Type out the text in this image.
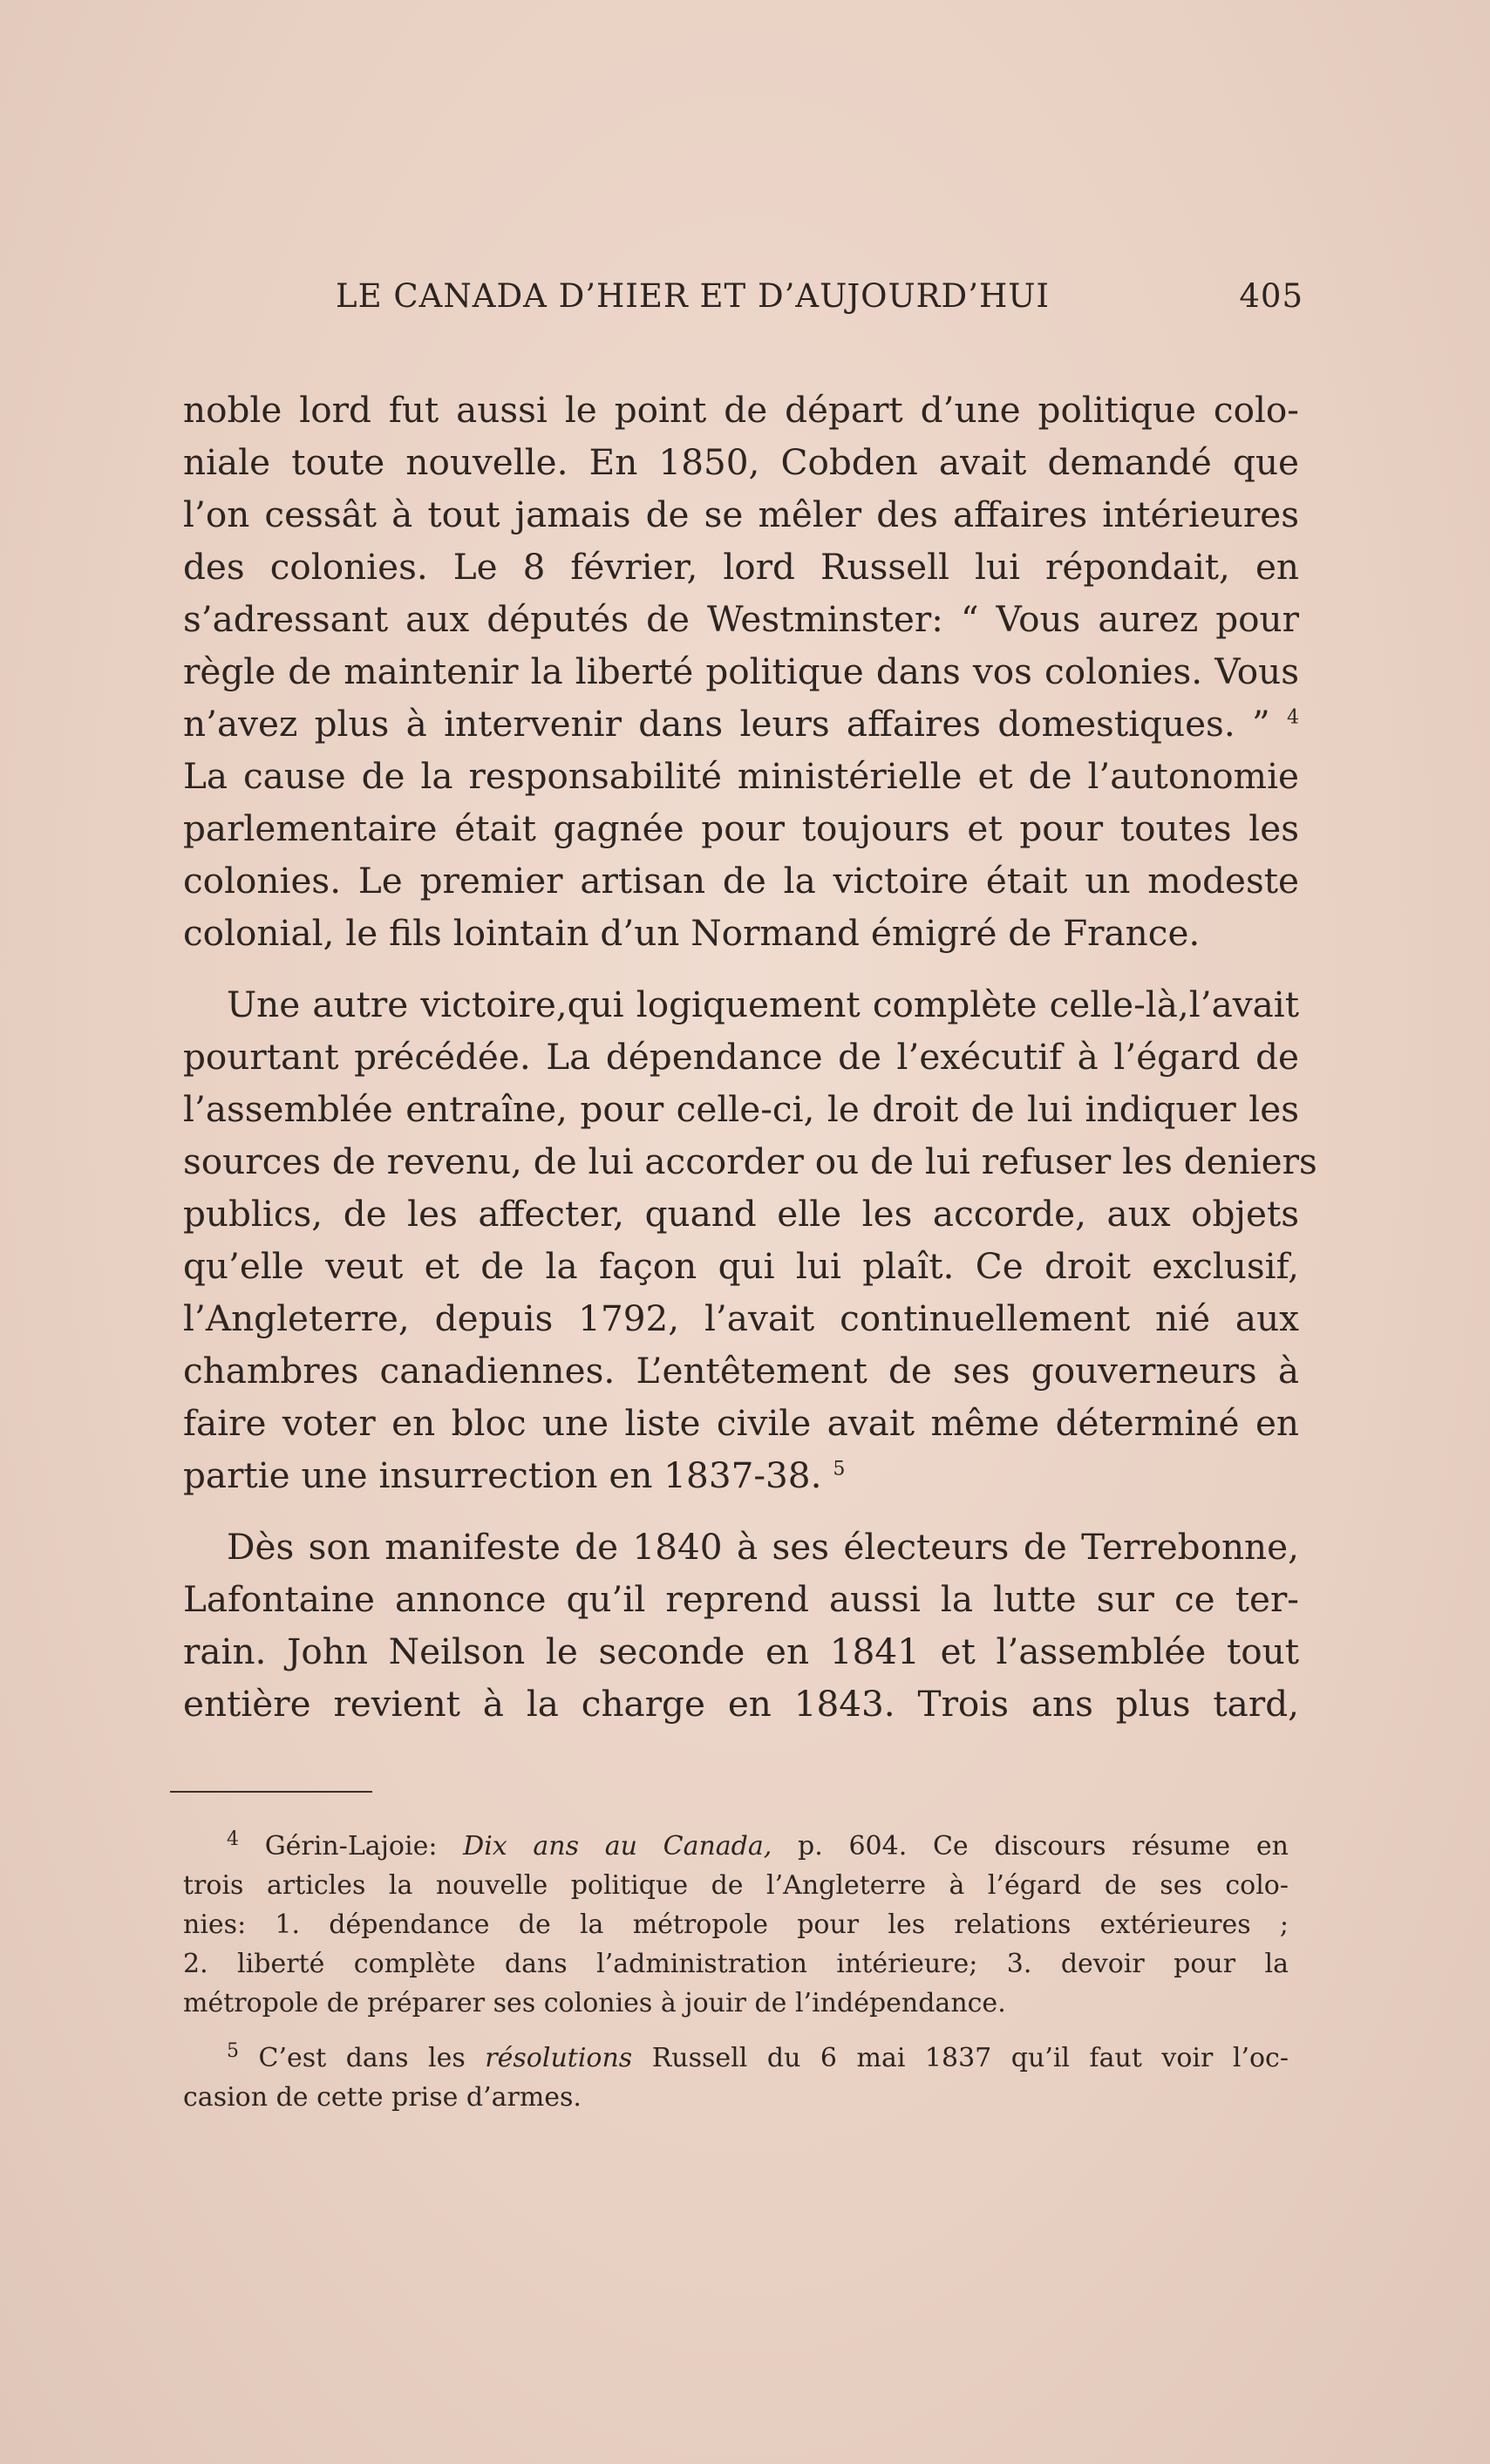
LE CANADA D’HIER ET D’AUJOURD’HUI	405
noble lord fut aussi le point de départ d’une politique colo-
niale toute nouvelle. En 1850, Cobden avait demandé que
l’on cessât à tout jamais de se mêler des affaires intérieures
des colonies. Le 8 février, lord Russell lui répondait, en
s’adressant aux députés de Westminster: “ Vous aurez pour
règle de maintenir la liberté politique dans vos colonies. Vous
n’avez plus à intervenir dans leurs affaires domestiques. ” $^4$
La cause de la responsabilité ministérielle et de l’autonomie
parlementaire était gagnée pour toujours et pour toutes les
colonies. Le premier artisan de la victoire était un modeste
colonial, le fils lointain d’un Normand émigré de France.
Une autre victoire,qui logiquement complète celle-là,l’avait
pourtant précédée. La dépendance de l’exécutif à l’égard de
l’assemblée entraîne, pour celle-ci, le droit de lui indiquer les
sources de revenu, de lui accorder ou de lui refuser les deniers
publics, de les affecter, quand elle les accorde, aux objets
qu’elle veut et de la façon qui lui plaît. Ce droit exclusif,
l’Angleterre, depuis 1792, l’avait continuellement nié aux
chambres canadiennes. L’entêtement de ses gouverneurs à
faire voter en bloc une liste civile avait même déterminé en
partie une insurrection en 1837-38. $^5$
Dès son manifeste de 1840 à ses électeurs de Terrebonne,
Lafontaine annonce qu’il reprend aussi la lutte sur ce ter-
rain. John Neilson le seconde en 1841 et l’assemblée tout
entière revient à la charge en 1843. Trois ans plus tard,
$^4$ Gérin-Lajoie: Dix ans au Canada, p. 604. Ce discours résume en
trois articles la nouvelle politique de l’Angleterre à l’égard de ses colo-
nies: 1. dépendance de la métropole pour les relations extérieures ;
2. liberté complète dans l’administration intérieure; 3. devoir pour la
métropole de préparer ses colonies à jouir de l’indépendance.
$^5$ C’est dans les résolutions Russell du 6 mai 1837 qu’il faut voir l’oc-
casion de cette prise d’armes.
